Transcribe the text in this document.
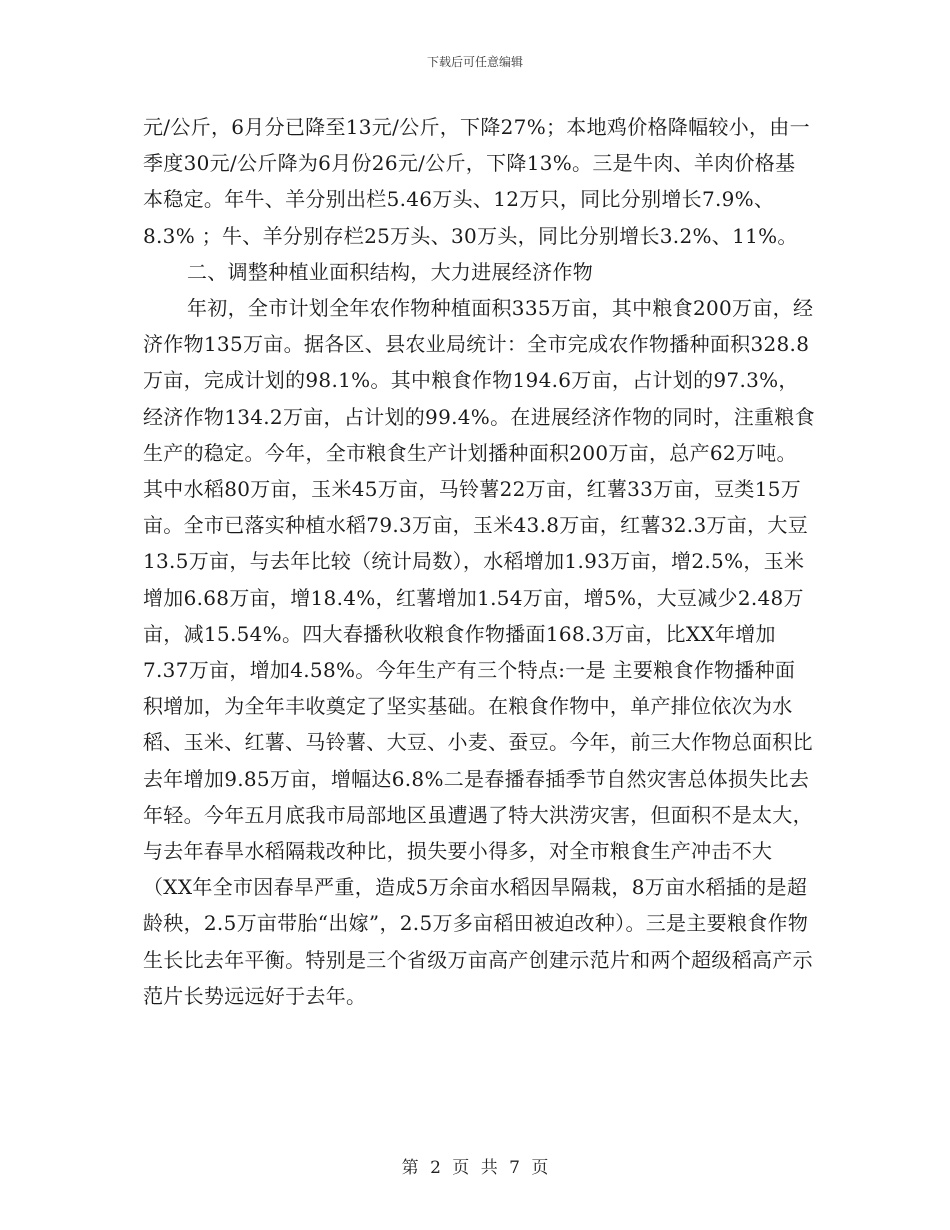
下载后可任意编辑

元/公斤，6月分已降至13元/公斤，下降27%；本地鸡价格降幅较小，由一季度30元/公斤降为6月份26元/公斤，下降13%。三是牛肉、羊肉价格基本稳定。年牛、羊分别出栏5.46万头、12万只，同比分别增长7.9%、8.3% ；牛、羊分别存栏25万头、30万头，同比分别增长3.2%、11%。

二、调整种植业面积结构，大力进展经济作物

年初，全市计划全年农作物种植面积335万亩，其中粮食200万亩，经济作物135万亩。据各区、县农业局统计：全市完成农作物播种面积328.8万亩，完成计划的98.1%。其中粮食作物194.6万亩，占计划的97.3%，经济作物134.2万亩，占计划的99.4%。在进展经济作物的同时，注重粮食生产的稳定。今年，全市粮食生产计划播种面积200万亩，总产62万吨。其中水稻80万亩，玉米45万亩，马铃薯22万亩，红薯33万亩，豆类15万亩。全市已落实种植水稻79.3万亩，玉米43.8万亩，红薯32.3万亩，大豆13.5万亩，与去年比较（统计局数），水稻增加1.93万亩，增2.5%，玉米增加6.68万亩，增18.4%，红薯增加1.54万亩，增5%，大豆减少2.48万亩，减15.54%。四大春播秋收粮食作物播面168.3万亩，比XX年增加7.37万亩，增加4.58%。今年生产有三个特点:一是 主要粮食作物播种面积增加，为全年丰收奠定了坚实基础。在粮食作物中，单产排位依次为水稻、玉米、红薯、马铃薯、大豆、小麦、蚕豆。今年，前三大作物总面积比去年增加9.85万亩，增幅达6.8%二是春播春插季节自然灾害总体损失比去年轻。今年五月底我市局部地区虽遭遇了特大洪涝灾害，但面积不是太大，与去年春旱水稻隔栽改种比，损失要小得多，对全市粮食生产冲击不大（XX年全市因春旱严重，造成5万余亩水稻因旱隔栽，8万亩水稻插的是超龄秧，2.5万亩带胎“出嫁”，2.5万多亩稻田被迫改种）。三是主要粮食作物生长比去年平衡。特别是三个省级万亩高产创建示范片和两个超级稻高产示范片长势远远好于去年。

第 2 页 共 7 页
